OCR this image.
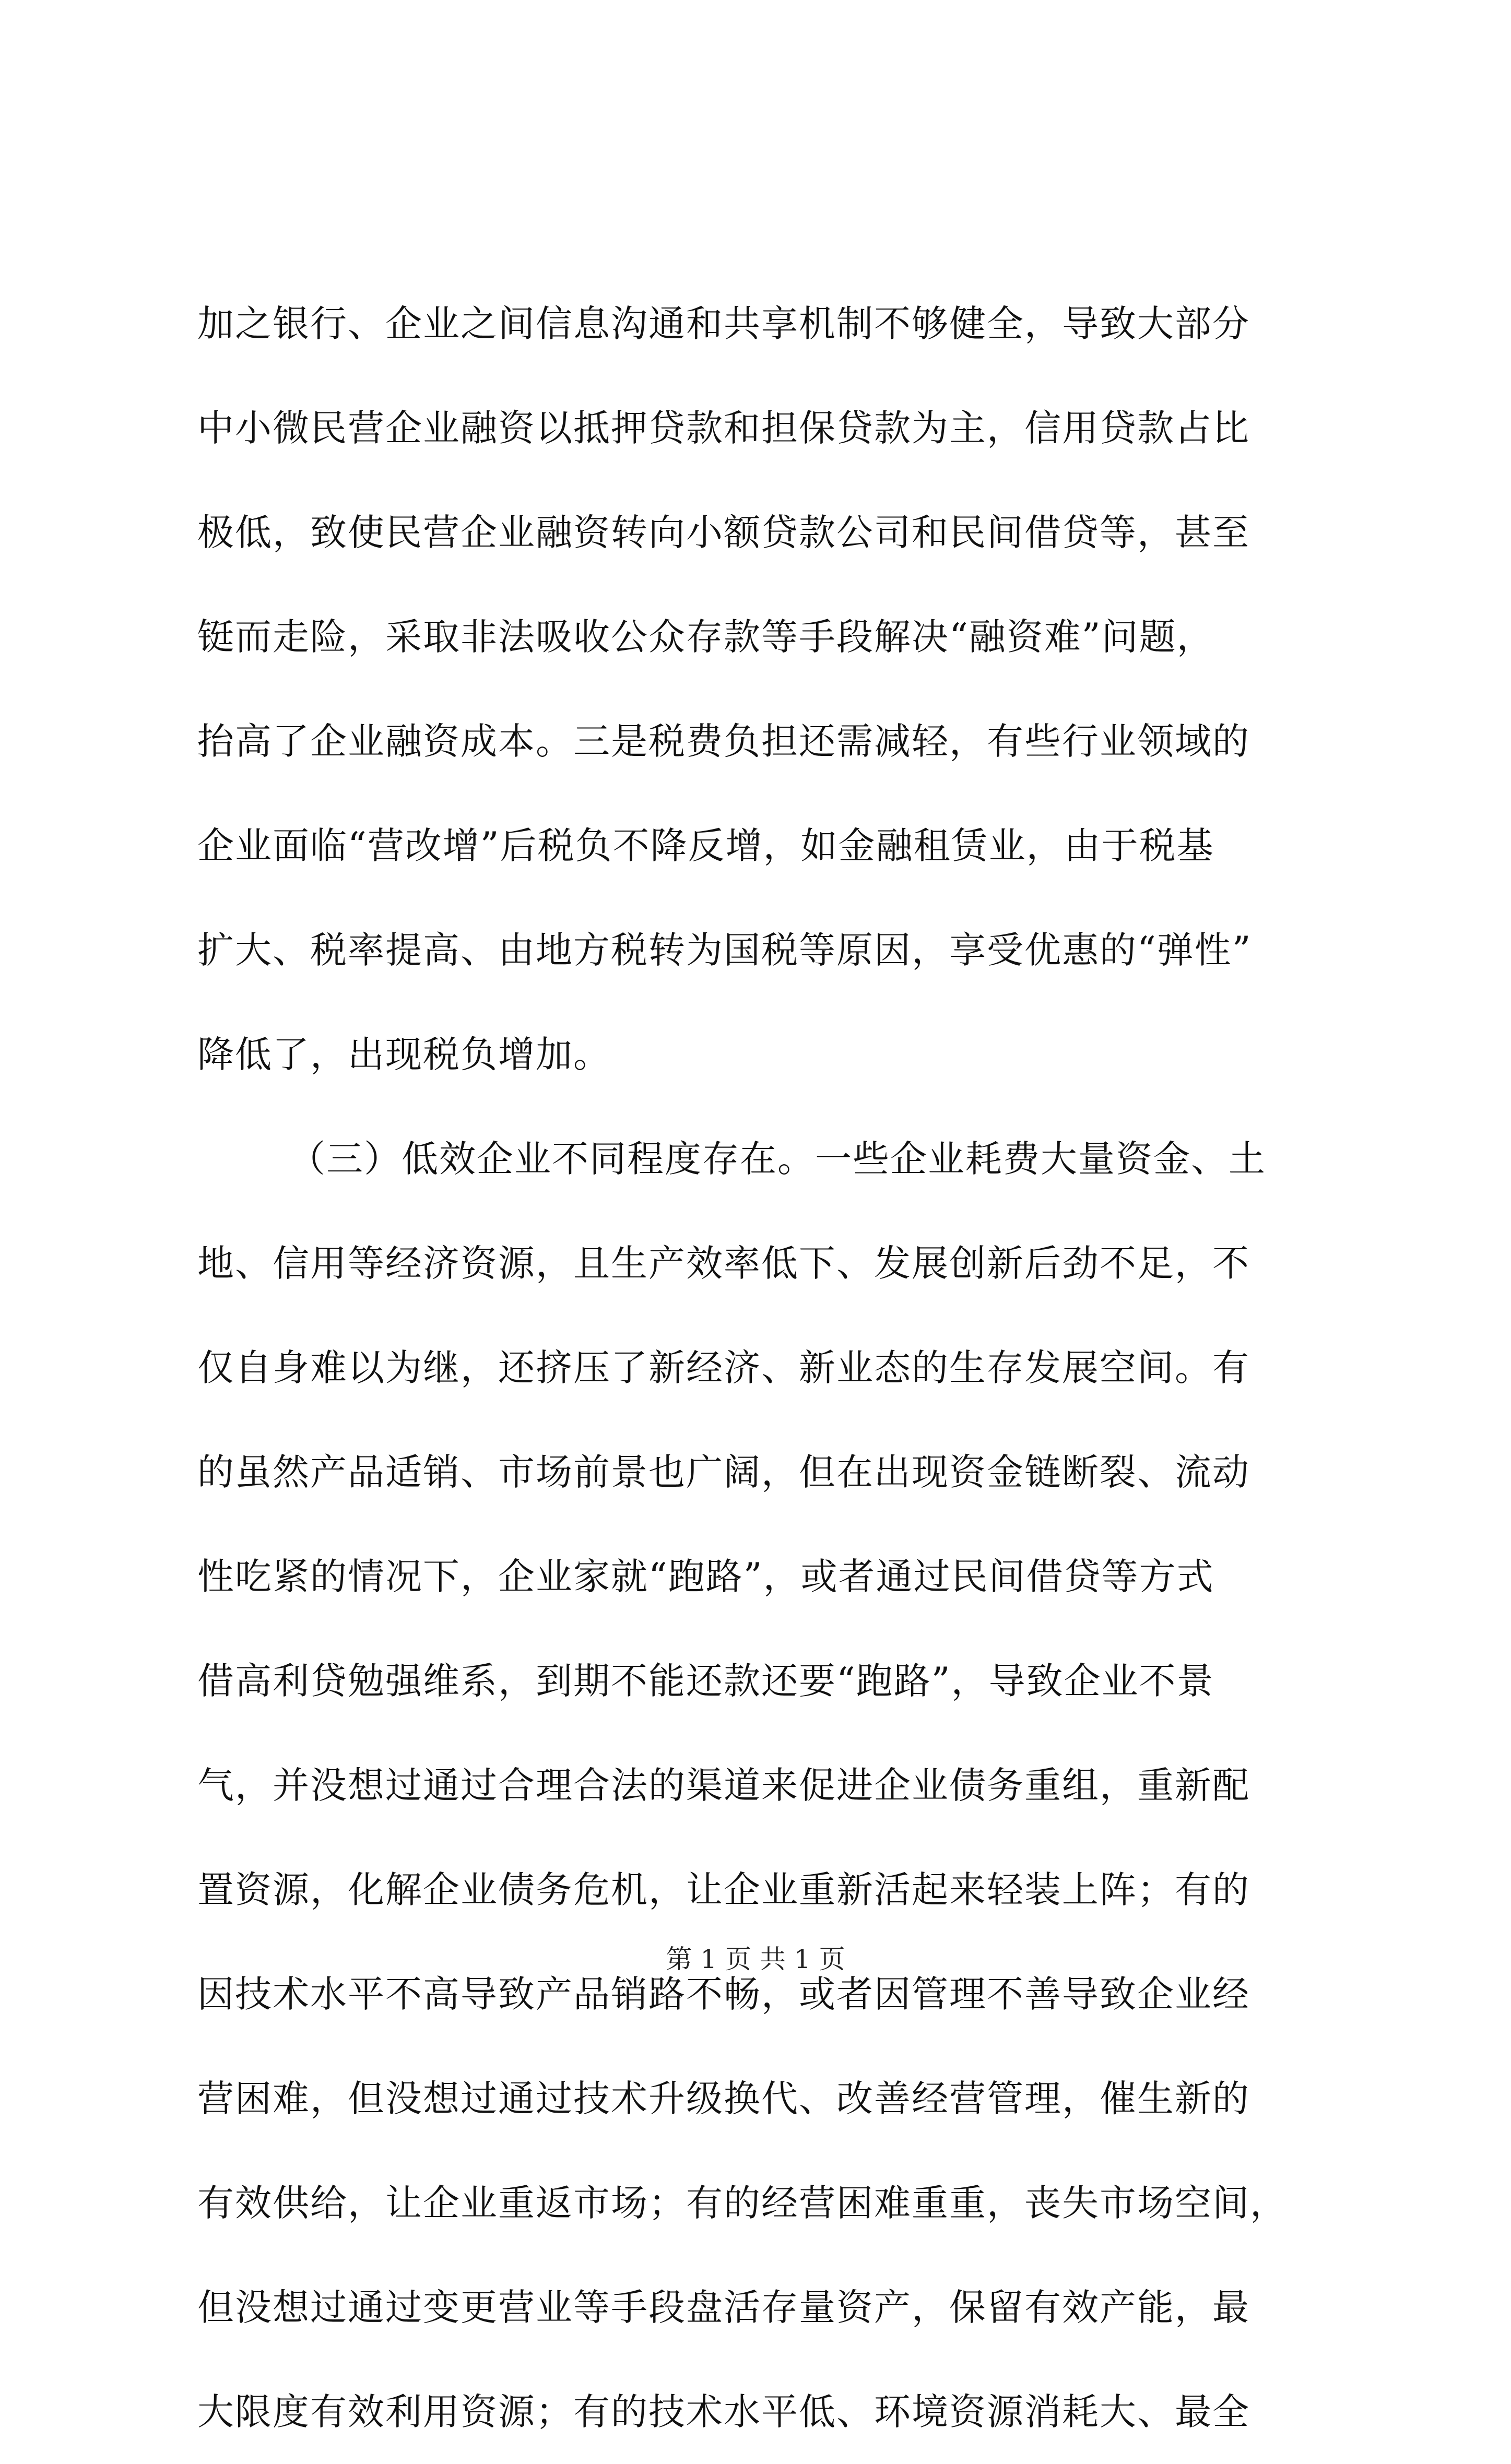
加之银行、企业之间信息沟通和共享机制不够健全，导致大部分
中小微民营企业融资以抵押贷款和担保贷款为主，信用贷款占比
极低，致使民营企业融资转向小额贷款公司和民间借贷等，甚至
铤而走险，采取非法吸收公众存款等手段解决“融资难”问题，
抬高了企业融资成本。三是税费负担还需减轻，有些行业领域的
企业面临“营改增”后税负不降反增，如金融租赁业，由于税基
扩大、税率提高、由地方税转为国税等原因，享受优惠的“弹性”
降低了，出现税负增加。
（三）低效企业不同程度存在。一些企业耗费大量资金、土
地、信用等经济资源，且生产效率低下、发展创新后劲不足，不
仅自身难以为继，还挤压了新经济、新业态的生存发展空间。有
的虽然产品适销、市场前景也广阔，但在出现资金链断裂、流动
性吃紧的情况下，企业家就“跑路”，或者通过民间借贷等方式
借高利贷勉强维系，到期不能还款还要“跑路”，导致企业不景
气，并没想过通过合理合法的渠道来促进企业债务重组，重新配
置资源，化解企业债务危机，让企业重新活起来轻装上阵；有的
因技术水平不高导致产品销路不畅，或者因管理不善导致企业经
营困难，但没想过通过技术升级换代、改善经营管理，催生新的
有效供给，让企业重返市场；有的经营困难重重，丧失市场空间，
但没想过通过变更营业等手段盘活存量资产，保留有效产能，最
大限度有效利用资源；有的技术水平低、环境资源消耗大、最全
第 1 页 共 1 页
